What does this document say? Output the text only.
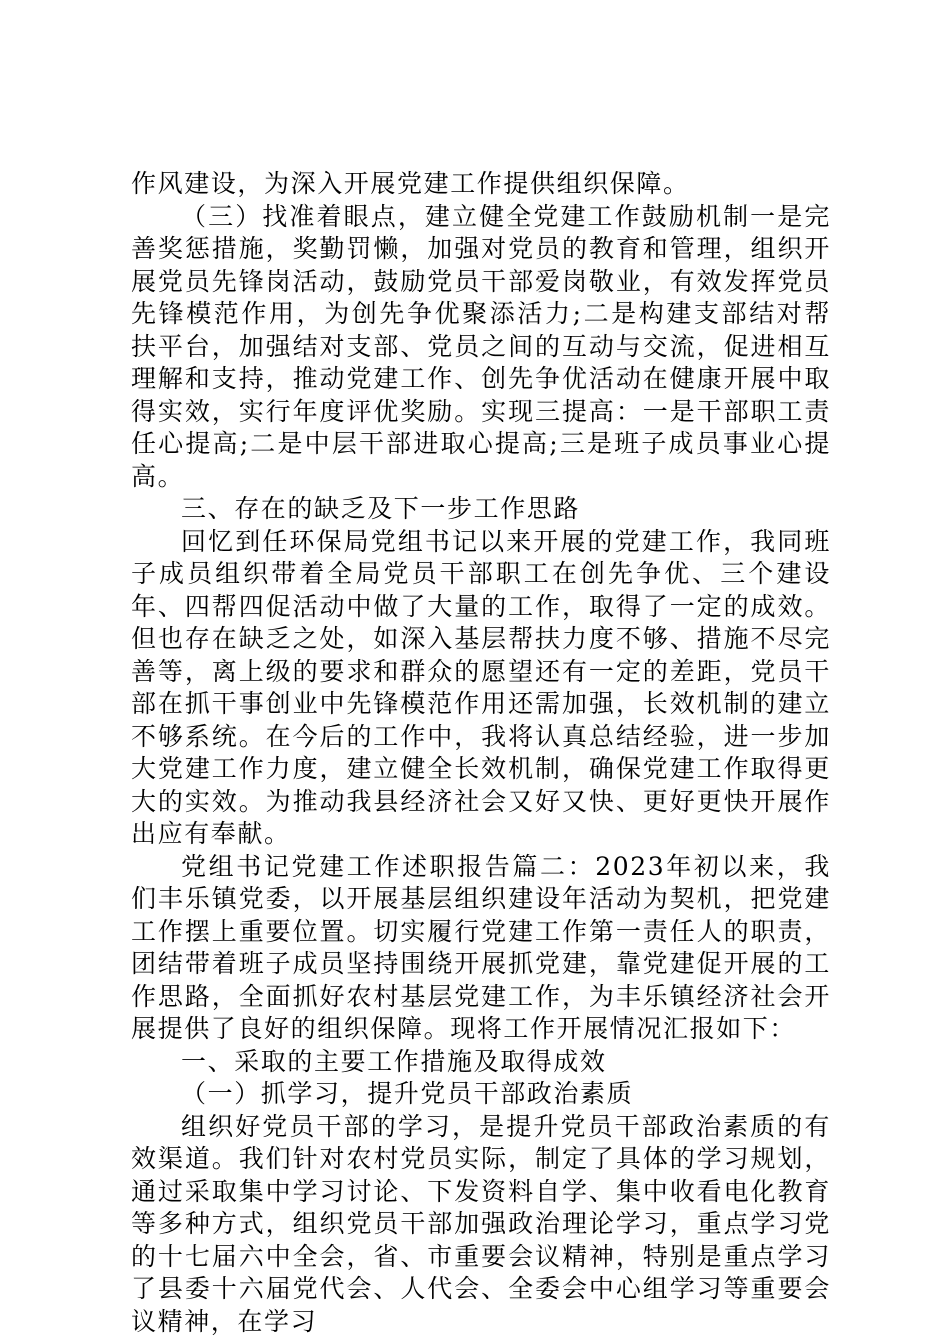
作风建设，为深入开展党建工作提供组织保障。

（三）找准着眼点，建立健全党建工作鼓励机制一是完善奖惩措施，奖勤罚懒，加强对党员的教育和管理，组织开展党员先锋岗活动，鼓励党员干部爱岗敬业，有效发挥党员先锋模范作用，为创先争优聚添活力;二是构建支部结对帮扶平台，加强结对支部、党员之间的互动与交流，促进相互理解和支持，推动党建工作、创先争优活动在健康开展中取得实效，实行年度评优奖励。实现三提高：一是干部职工责任心提高;二是中层干部进取心提高;三是班子成员事业心提高。

三、存在的缺乏及下一步工作思路

回忆到任环保局党组书记以来开展的党建工作，我同班子成员组织带着全局党员干部职工在创先争优、三个建设年、四帮四促活动中做了大量的工作，取得了一定的成效。但也存在缺乏之处，如深入基层帮扶力度不够、措施不尽完善等，离上级的要求和群众的愿望还有一定的差距，党员干部在抓干事创业中先锋模范作用还需加强，长效机制的建立不够系统。在今后的工作中，我将认真总结经验，进一步加大党建工作力度，建立健全长效机制，确保党建工作取得更大的实效。为推动我县经济社会又好又快、更好更快开展作出应有奉献。

党组书记党建工作述职报告篇二：2023年初以来，我们丰乐镇党委，以开展基层组织建设年活动为契机，把党建工作摆上重要位置。切实履行党建工作第一责任人的职责，团结带着班子成员坚持围绕开展抓党建，靠党建促开展的工作思路，全面抓好农村基层党建工作，为丰乐镇经济社会开展提供了良好的组织保障。现将工作开展情况汇报如下：

一、采取的主要工作措施及取得成效

（一）抓学习，提升党员干部政治素质

组织好党员干部的学习，是提升党员干部政治素质的有效渠道。我们针对农村党员实际，制定了具体的学习规划，通过采取集中学习讨论、下发资料自学、集中收看电化教育等多种方式，组织党员干部加强政治理论学习，重点学习党的十七届六中全会，省、市重要会议精神，特别是重点学习了县委十六届党代会、人代会、全委会中心组学习等重要会议精神，在学习
